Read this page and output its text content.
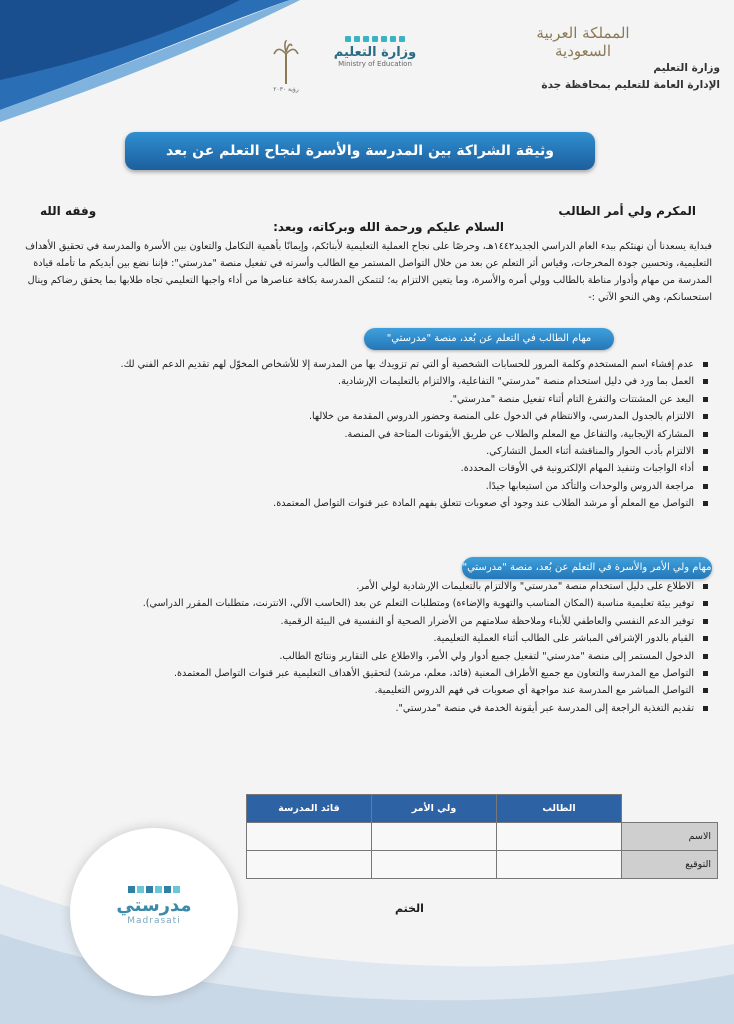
المملكة العربية السعودية
وزارة التعليم
الإدارة العامة للتعليم بمحافظة جدة
وزارة التعليم
Ministry of Education
رؤية ٢٠٣٠
وثيقة الشراكة بين المدرسة والأسرة لنجاح التعلم عن بعد
المكرم ولي أمر الطالب
وفقه الله
السلام عليكم ورحمة الله وبركاته، وبعد:
فبداية يسعدنا أن نهنئكم ببدء العام الدراسي الجديد١٤٤٢هـ، وحرصًا على نجاح العملية التعليمية لأبنائكم، وإيمانًا بأهمية التكامل والتعاون بين الأسرة والمدرسة في تحقيق الأهداف التعليمية، وتحسين جودة المخرجات، وقياس أثر التعلم عن بعد من خلال التواصل المستمر مع الطالب وأسرته في تفعيل منصة "مدرستي": فإننا نضع بين أيديكم ما تأمله قيادة المدرسة من مهام وأدوار مناطة بالطالب وولي أمره والأسرة، وما يتعين الالتزام به؛ لتتمكن المدرسة بكافة عناصرها من أداء واجبها التعليمي تجاه طلابها بما يحقق رضاكم وينال استحسانكم، وهي النحو الآتي :-
مهام الطالب في التعلم عن بُعد، منصة "مدرستي"
عدم إفشاء اسم المستخدم وكلمة المرور للحسابات الشخصية أو التي تم تزويدك بها من المدرسة إلا للأشخاص المخوّل لهم تقديم الدعم الفني لك.
العمل بما ورد في دليل استخدام منصة "مدرستي" التفاعلية، والالتزام بالتعليمات الإرشادية.
البعد عن المشتتات والتفرغ التام أثناء تفعيل منصة "مدرستي".
الالتزام بالجدول المدرسي، والانتظام في الدخول على المنصة وحضور الدروس المقدمة من خلالها.
المشاركة الإيجابية، والتفاعل مع المعلم والطلاب عن طريق الأيقونات المتاحة في المنصة.
الالتزام بأدب الحوار والمناقشة أثناء العمل التشاركي.
أداء الواجبات وتنفيذ المهام الإلكترونية في الأوقات المحددة.
مراجعة الدروس والوحدات والتأكد من استيعابها جيدًا.
التواصل مع المعلم أو مرشد الطلاب عند وجود أي صعوبات تتعلق بفهم المادة عبر قنوات التواصل المعتمدة.
مهام ولي الأمر والأسرة في التعلم عن بُعد، منصة "مدرستي"
الاطلاع على دليل استخدام منصة "مدرستي" والالتزام بالتعليمات الإرشادية لولي الأمر.
توفير بيئة تعليمية مناسبة (المكان المناسب والتهوية والإضاءة) ومتطلبات التعلم عن بعد (الحاسب الآلي، الانترنت، متطلبات المقرر الدراسي).
توفير الدعم النفسي والعاطفي للأبناء وملاحظة سلامتهم من الأضرار الصحية أو النفسية في البيئة الرقمية.
القيام بالدور الإشرافي المباشر على الطالب أثناء العملية التعليمية.
الدخول المستمر إلى منصة "مدرستي" لتفعيل جميع أدوار ولي الأمر، والاطلاع على التقارير ونتائج الطالب.
التواصل مع المدرسة والتعاون مع جميع الأطراف المعنية (قائد، معلم، مرشد) لتحقيق الأهداف التعليمية عبر قنوات التواصل المعتمدة.
التواصل المباشر مع المدرسة عند مواجهة أي صعوبات في فهم الدروس التعليمية.
تقديم التغذية الراجعة إلى المدرسة عبر أيقونة الخدمة في منصة "مدرستي".
	الطالب	ولي الأمر	قائد المدرسة
الاسم			
التوقيع			
الختم
مدرستي
Madrasati
